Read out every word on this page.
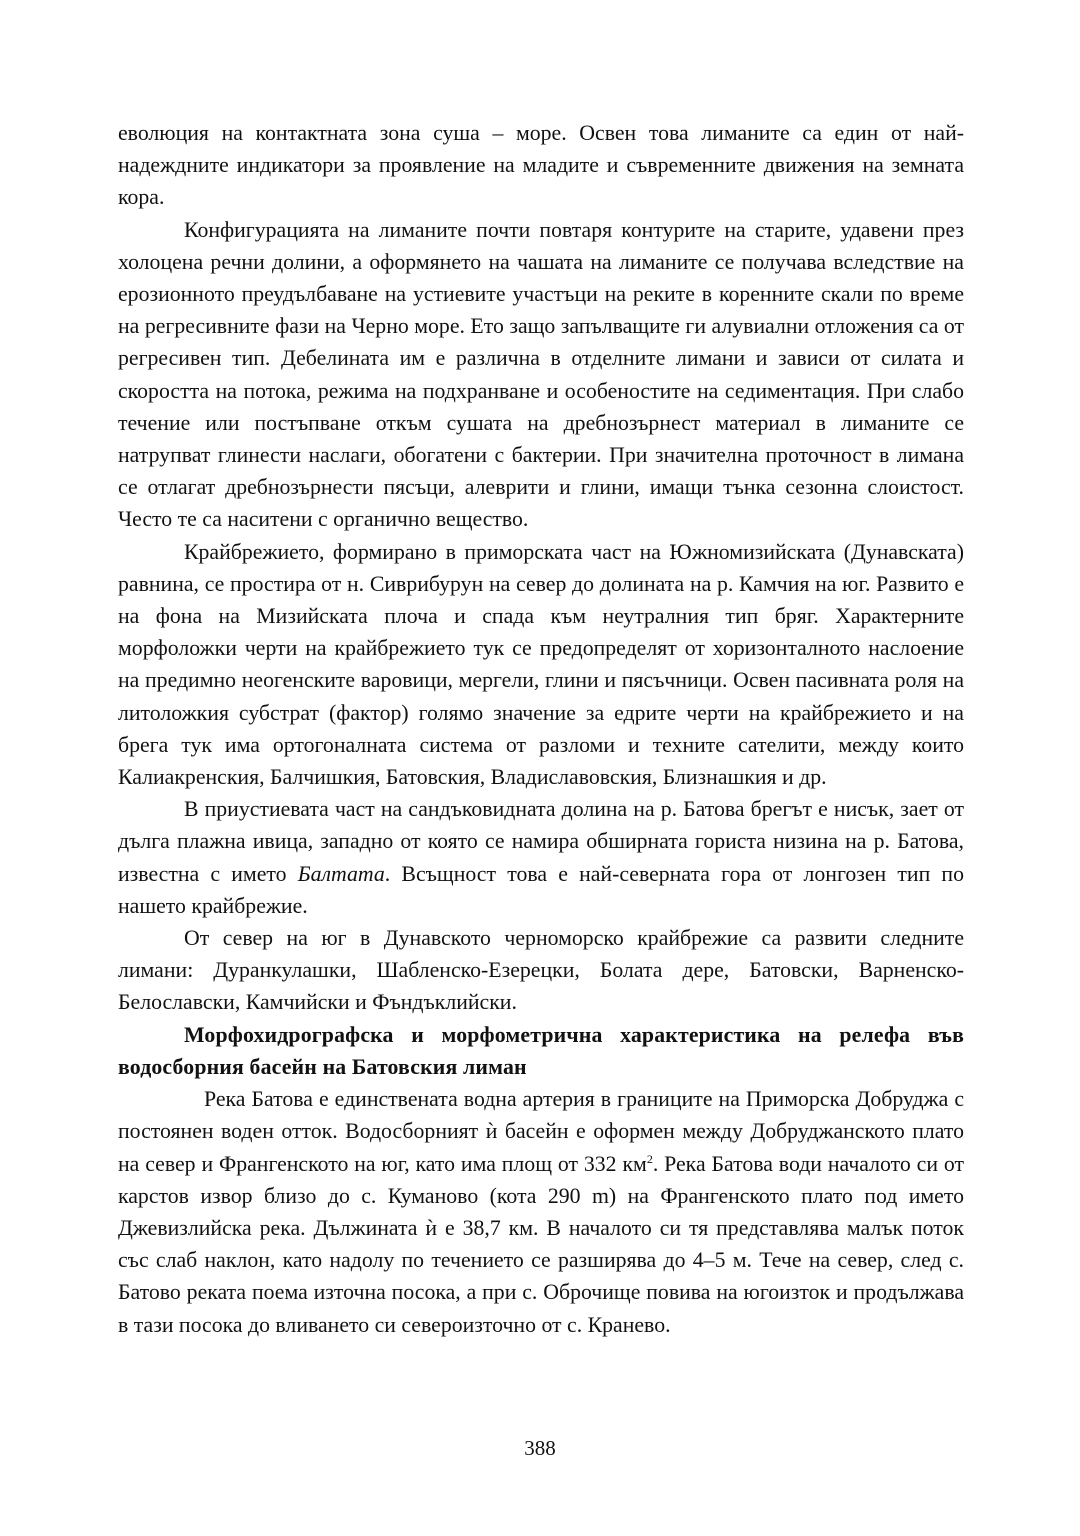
еволюция на контактната зона суша – море. Освен това лиманите са един от най-надеждните индикатори за проявление на младите и съвременните движения на земната кора.

Конфигурацията на лиманите почти повтаря контурите на старите, удавени през холоцена речни долини, а оформянето на чашата на лиманите се получава вследствие на ерозионното преудълбаване на устиевите участъци на реките в коренните скали по време на регресивните фази на Черно море. Ето защо запълващите ги алувиални отложения са от регресивен тип. Дебелината им е различна в отделните лимани и зависи от силата и скоростта на потока, режима на подхранване и особеностите на седиментация. При слабо течение или постъпване откъм сушата на дребнозърнест материал в лиманите се натрупват глинести наслаги, обогатени с бактерии. При значителна проточност в лимана се отлагат дребнозърнести пясъци, алеврити и глини, имащи тънка сезонна слоистост. Често те са наситени с органично вещество.

Крайбрежието, формирано в приморската част на Южномизийската (Дунавската) равнина, се простира от н. Сиврибурун на север до долината на р. Камчия на юг. Развито е на фона на Мизийската плоча и спада към неутралния тип бряг. Характерните морфоложки черти на крайбрежието тук се предопределят от хоризонталното наслоение на предимно неогенските варовици, мергели, глини и пясъчници. Освен пасивната роля на литоложкия субстрат (фактор) голямо значение за едрите черти на крайбрежието и на брега тук има ортогоналната система от разломи и техните сателити, между които Калиакренския, Балчишкия, Батовския, Владиславовския, Близнашкия и др.

В приустиевата част на сандъковидната долина на р. Батова брегът е нисък, зает от дълга плажна ивица, западно от която се намира обширната гориста низина на р. Батова, известна с името Балтата. Всъщност това е най-северната гора от лонгозен тип по нашето крайбрежие.

От север на юг в Дунавското черноморско крайбрежие са развити следните лимани: Дуранкулашки, Шабленско-Езерецки, Болата дере, Батовски, Варненско-Белославски, Камчийски и Фъндъклийски.

Морфохидрографска и морфометрична характеристика на релефа във водосборния басейн на Батовския лиман

Река Батова е единствената водна артерия в границите на Приморска Добруджа с постоянен воден отток. Водосборният ѝ басейн е оформен между Добруджанското плато на север и Франгенското на юг, като има площ от 332 $км^2$. Река Батова води началото си от карстов извор близо до с. Куманово (кота 290 m) на Франгенското плато под името Джевизлийска река. Дължината ѝ е 38,7 км. В началото си тя представлява малък поток със слаб наклон, като надолу по течението се разширява до 4–5 м. Тече на север, след с. Батово реката поема източна посока, а при с. Оброчище повива на югоизток и продължава в тази посока до вливането си североизточно от с. Кранево.

388
